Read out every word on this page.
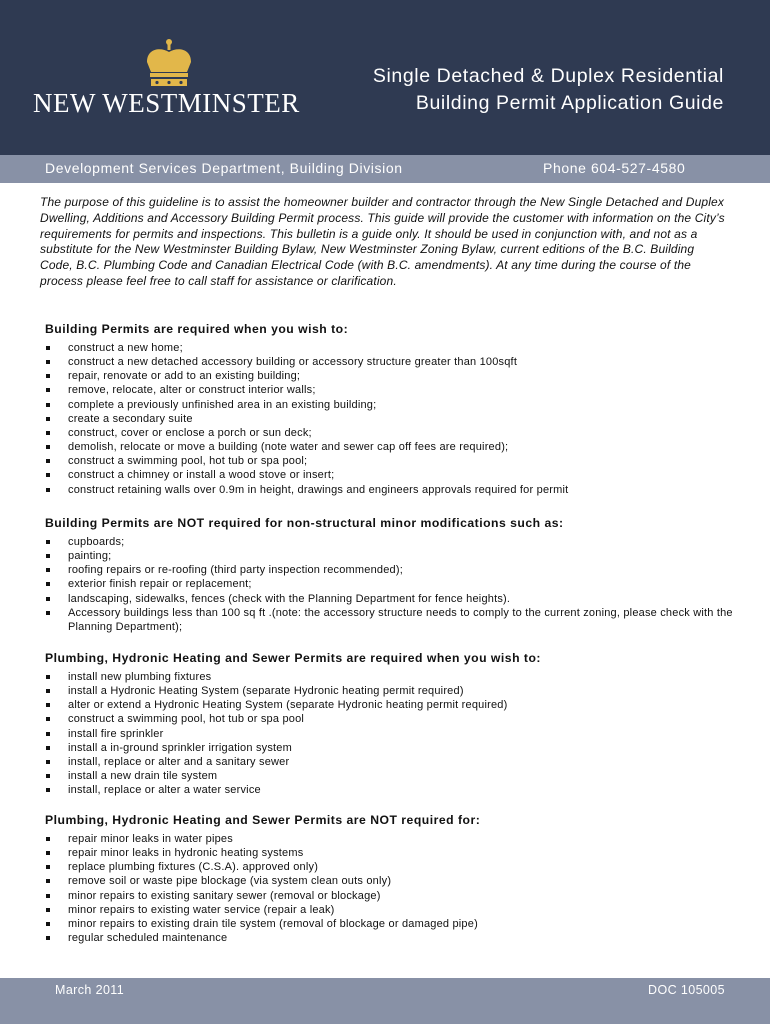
NEW WESTMINSTER
Single Detached & Duplex Residential
Building Permit Application Guide
Development Services Department, Building Division	Phone 604-527-4580

The purpose of this guideline is to assist the homeowner builder and contractor through the New Single Detached and Duplex Dwelling, Additions and Accessory Building Permit process. This guide will provide the customer with information on the City’s requirements for permits and inspections. This bulletin is a guide only. It should be used in conjunction with, and not as a substitute for the New Westminster Building Bylaw, New Westminster Zoning Bylaw, current editions of the B.C. Building Code, B.C. Plumbing Code and Canadian Electrical Code (with B.C. amendments). At any time during the course of the process please feel free to call staff for assistance or clarification.

Building Permits are required when you wish to:
construct a new home;
construct a new detached accessory building or accessory structure greater than 100sqft
repair, renovate or add to an existing building;
remove, relocate, alter or construct interior walls;
complete a previously unfinished area in an existing building;
create a secondary suite
construct, cover or enclose a porch or sun deck;
demolish, relocate or move a building (note water and sewer cap off fees are required);
construct a swimming pool, hot tub or spa pool;
construct a chimney or install a wood stove or insert;
construct retaining walls over 0.9m in height, drawings and engineers approvals required for permit
Building Permits are NOT required for non-structural minor modifications such as:
cupboards;
painting;
roofing repairs or re-roofing (third party inspection recommended);
exterior finish repair or replacement;
landscaping, sidewalks, fences (check with the Planning Department for fence heights).
Accessory buildings less than 100 sq ft .(note: the accessory structure needs to comply to the current zoning, please check with the Planning Department);
Plumbing, Hydronic Heating and Sewer Permits are required when you wish to:
install new plumbing fixtures
install a Hydronic Heating System (separate Hydronic heating permit required)
alter or extend a Hydronic Heating System (separate Hydronic heating permit required)
construct a swimming pool, hot tub or spa pool
install fire sprinkler
install a in-ground sprinkler irrigation system
install, replace or alter and a sanitary sewer
install a new drain tile system
install, replace or alter a water service
Plumbing, Hydronic Heating and Sewer Permits are NOT required for:
repair minor leaks in water pipes
repair minor leaks in hydronic heating systems
replace plumbing fixtures (C.S.A). approved only)
remove soil or waste pipe blockage (via system clean outs only)
minor repairs to existing sanitary sewer (removal or blockage)
minor repairs to existing water service (repair a leak)
minor repairs to existing drain tile system (removal of blockage or damaged pipe)
regular scheduled maintenance
March 2011	DOC 105005
